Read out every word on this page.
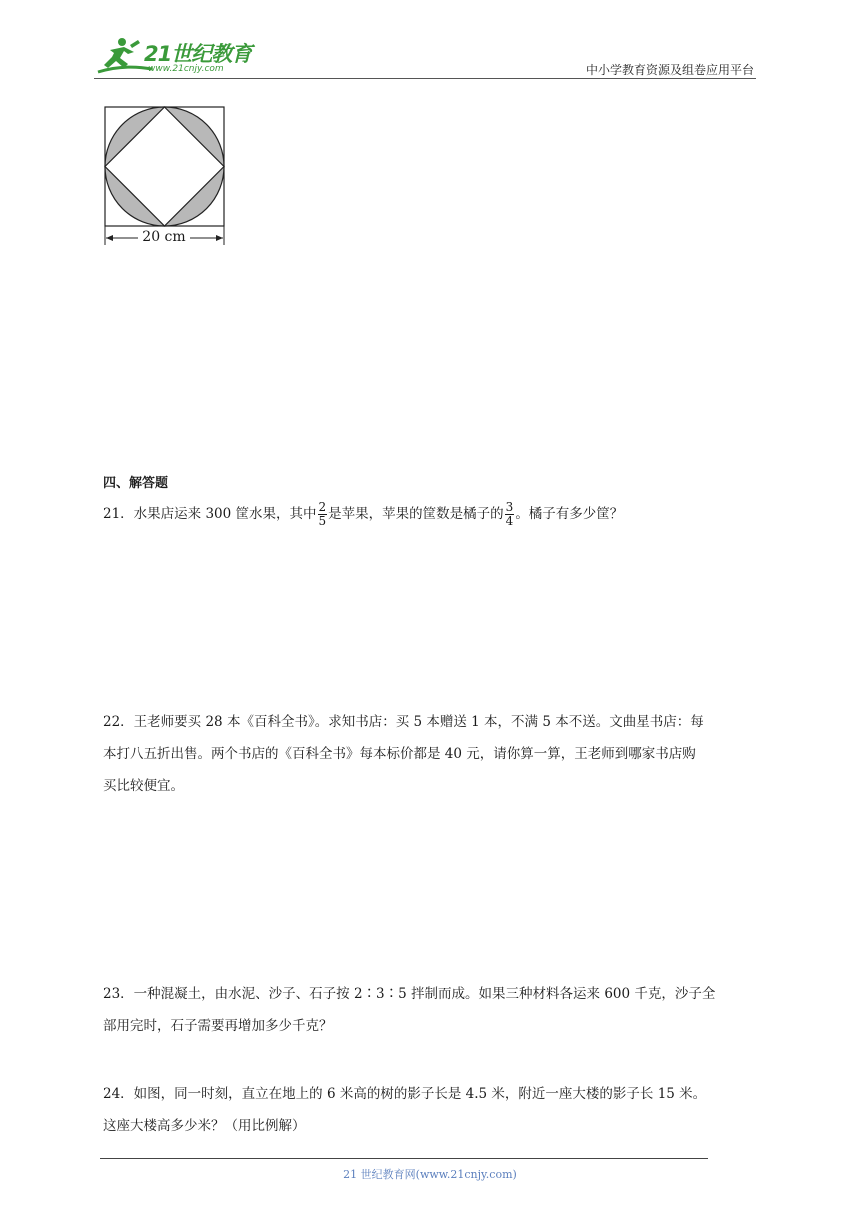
21世纪教育
www.21cnjy.com	中小学教育资源及组卷应用平台
20 cm
四、解答题
21．水果店运来 300 筐水果，其中 $\frac{2}{5}$ 是苹果，苹果的筐数是橘子的 $\frac{3}{4}$ 。橘子有多少筐？
22．王老师要买 28 本《百科全书》。求知书店：买 5 本赠送 1 本，不满 5 本不送。文曲星书店：每
本打八五折出售。两个书店的《百科全书》每本标价都是 40 元，请你算一算，王老师到哪家书店购
买比较便宜。
23．一种混凝土，由水泥、沙子、石子按 2∶3∶5 拌制而成。如果三种材料各运来 600 千克，沙子全
部用完时，石子需要再增加多少千克？
24．如图，同一时刻，直立在地上的 6 米高的树的影子长是 4.5 米，附近一座大楼的影子长 15 米。
这座大楼高多少米？（用比例解）
21 世纪教育网(www.21cnjy.com)
